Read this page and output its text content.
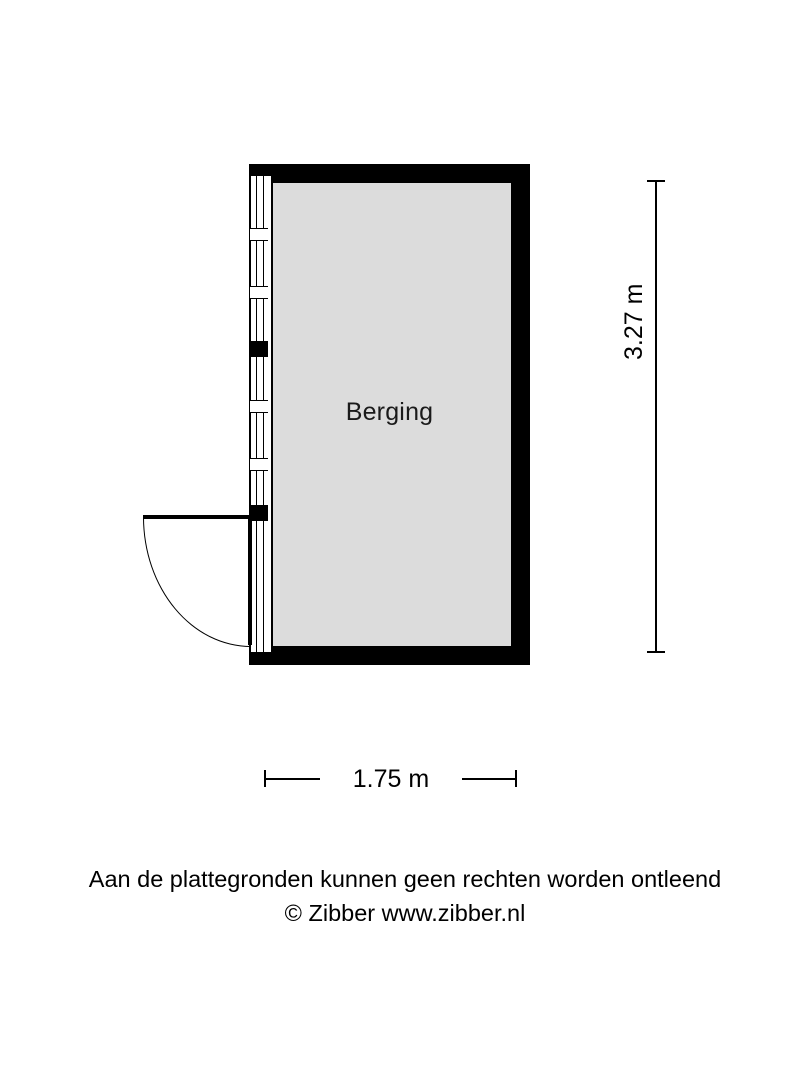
Berging
3.27 m
1.75 m
Aan de plattegronden kunnen geen rechten worden ontleend
© Zibber www.zibber.nl
